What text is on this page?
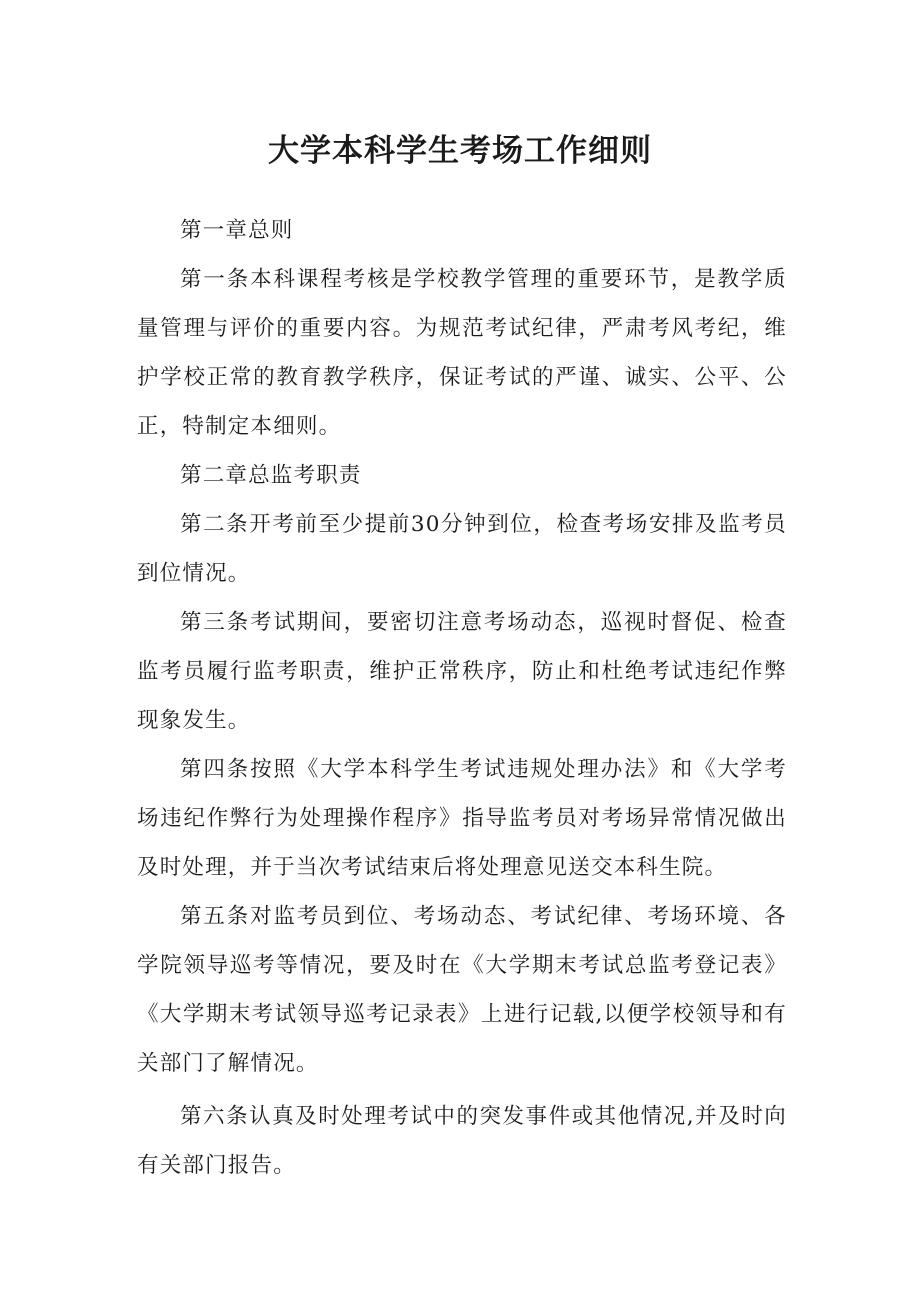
大学本科学生考场工作细则

第一章总则

第一条本科课程考核是学校教学管理的重要环节，是教学质量管理与评价的重要内容。为规范考试纪律，严肃考风考纪，维护学校正常的教育教学秩序，保证考试的严谨、诚实、公平、公正，特制定本细则。

第二章总监考职责

第二条开考前至少提前30分钟到位，检查考场安排及监考员到位情况。

第三条考试期间，要密切注意考场动态，巡视时督促、检查监考员履行监考职责，维护正常秩序，防止和杜绝考试违纪作弊现象发生。

第四条按照《大学本科学生考试违规处理办法》和《大学考场违纪作弊行为处理操作程序》指导监考员对考场异常情况做出及时处理，并于当次考试结束后将处理意见送交本科生院。

第五条对监考员到位、考场动态、考试纪律、考场环境、各学院领导巡考等情况，要及时在《大学期末考试总监考登记表》《大学期末考试领导巡考记录表》上进行记载,以便学校领导和有关部门了解情况。

第六条认真及时处理考试中的突发事件或其他情况,并及时向有关部门报告。
